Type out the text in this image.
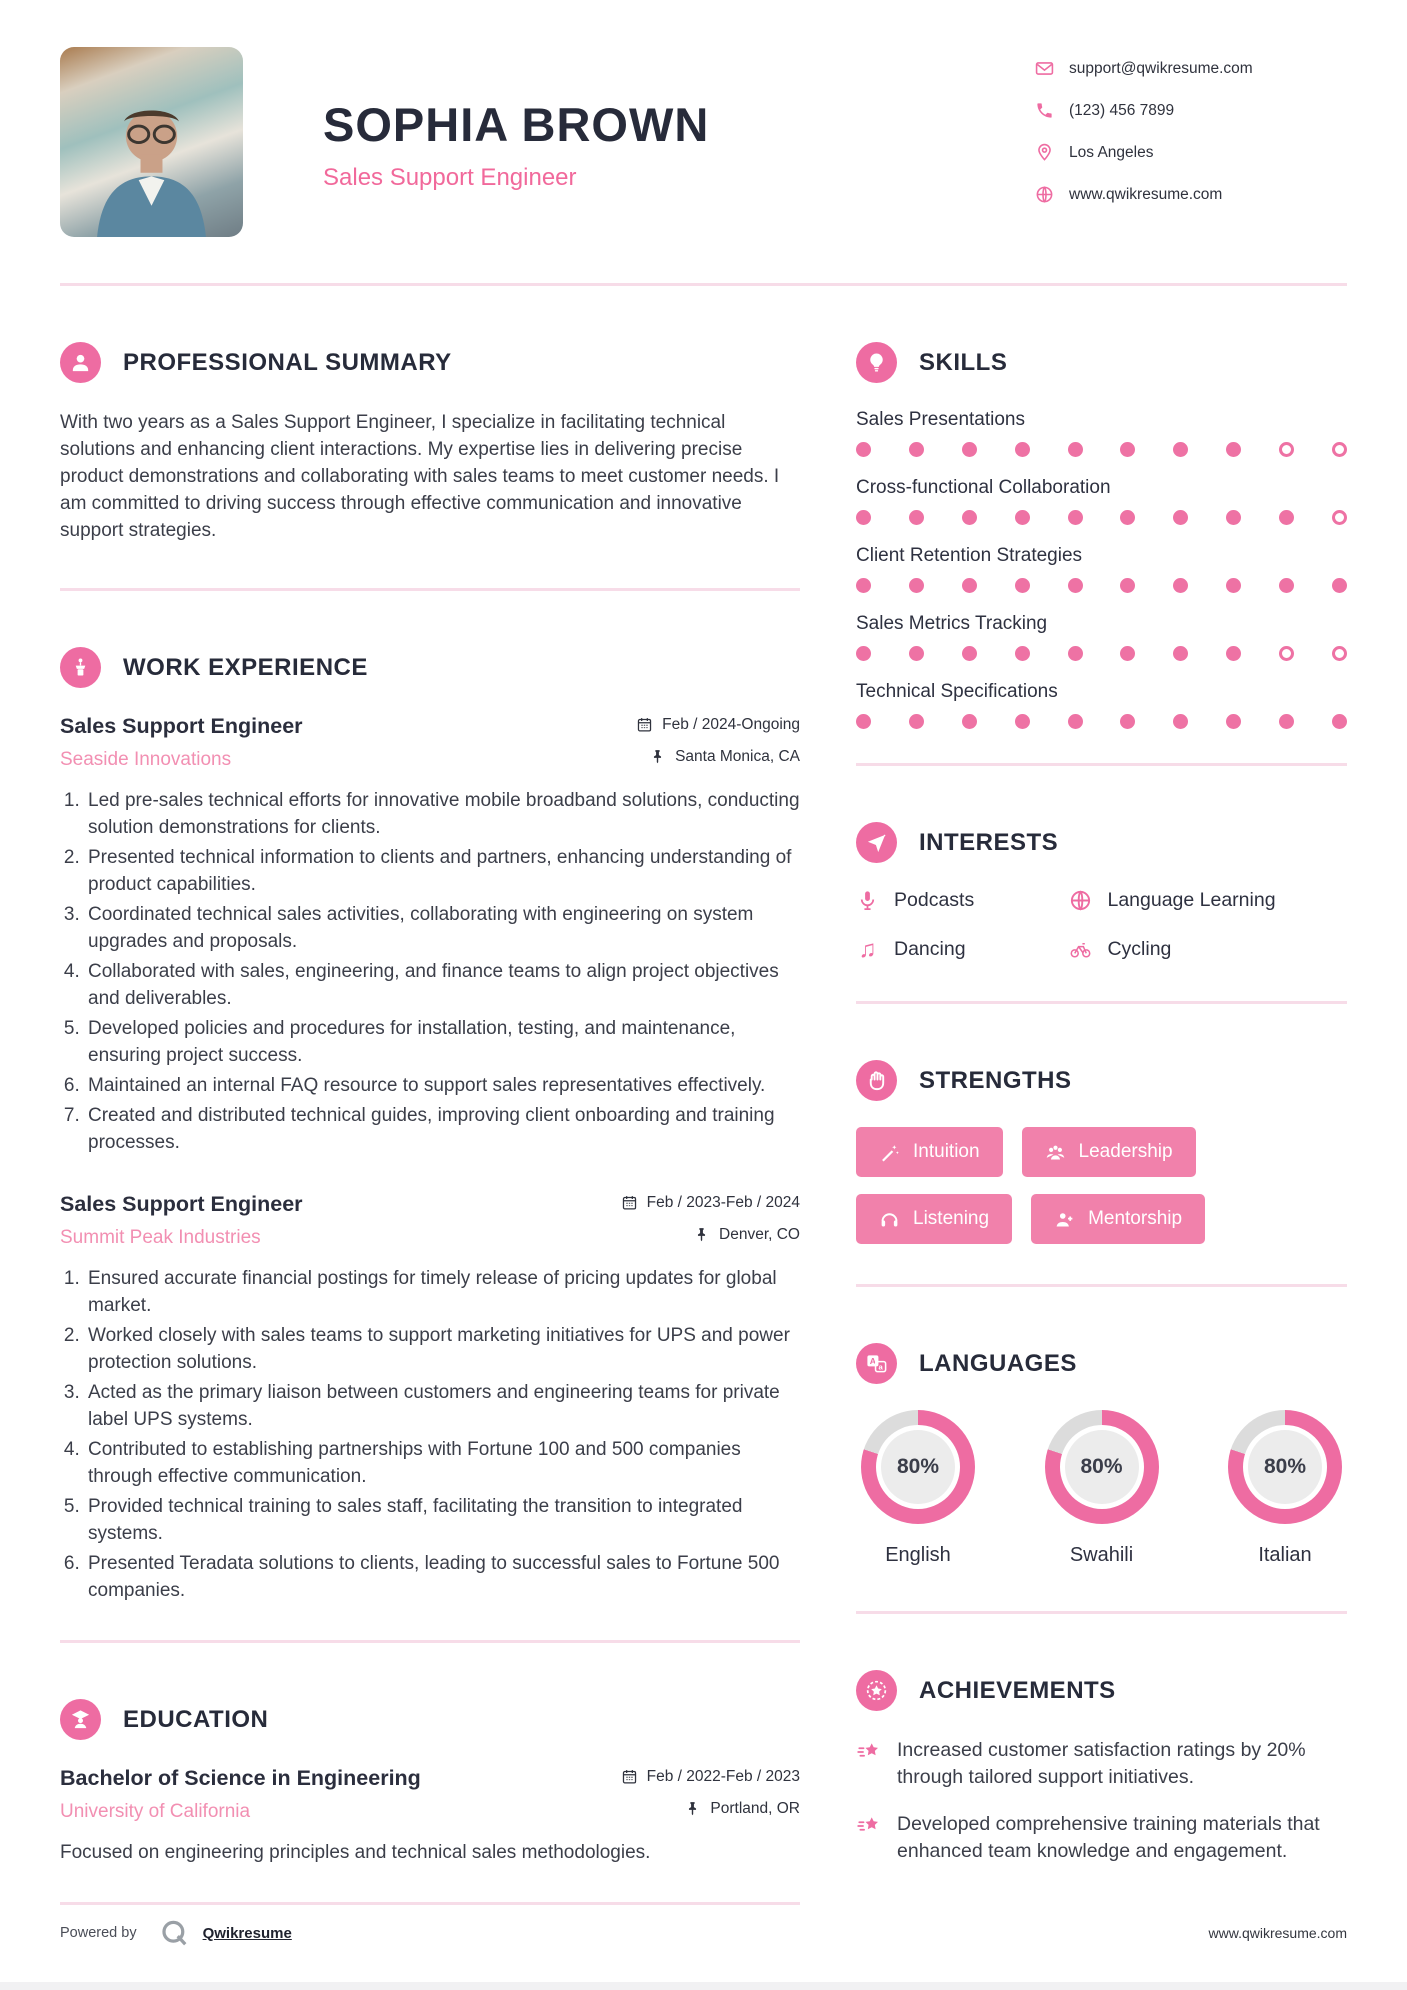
SOPHIA BROWN
Sales Support Engineer
support@qwikresume.com
(123) 456 7899
Los Angeles
www.qwikresume.com
PROFESSIONAL SUMMARY

With two years as a Sales Support Engineer, I specialize in facilitating technical solutions and enhancing client interactions. My expertise lies in delivering precise product demonstrations and collaborating with sales teams to meet customer needs. I am committed to driving success through effective communication and innovative support strategies.

WORK EXPERIENCE
Sales Support Engineer	Feb / 2024-Ongoing
Seaside Innovations	Santa Monica, CA
1. Led pre-sales technical efforts for innovative mobile broadband solutions, conducting solution demonstrations for clients.
2. Presented technical information to clients and partners, enhancing understanding of product capabilities.
3. Coordinated technical sales activities, collaborating with engineering on system upgrades and proposals.
4. Collaborated with sales, engineering, and finance teams to align project objectives and deliverables.
5. Developed policies and procedures for installation, testing, and maintenance, ensuring project success.
6. Maintained an internal FAQ resource to support sales representatives effectively.
7. Created and distributed technical guides, improving client onboarding and training processes.
Sales Support Engineer	Feb / 2023-Feb / 2024
Summit Peak Industries	Denver, CO
1. Ensured accurate financial postings for timely release of pricing updates for global market.
2. Worked closely with sales teams to support marketing initiatives for UPS and power protection solutions.
3. Acted as the primary liaison between customers and engineering teams for private label UPS systems.
4. Contributed to establishing partnerships with Fortune 100 and 500 companies through effective communication.
5. Provided technical training to sales staff, facilitating the transition to integrated systems.
6. Presented Teradata solutions to clients, leading to successful sales to Fortune 500 companies.
EDUCATION
Bachelor of Science in Engineering	Feb / 2022-Feb / 2023
University of California	Portland, OR

Focused on engineering principles and technical sales methodologies.

SKILLS
Sales Presentations
Cross-functional Collaboration
Client Retention Strategies
Sales Metrics Tracking
Technical Specifications
INTERESTS
Podcasts	Language Learning
♫ Dancing	Cycling
STRENGTHS
Intuition	Leadership
Listening	Mentorship
A
a LANGUAGES
80%
English
80%
Swahili
80%
Italian
ACHIEVEMENTS
Increased customer satisfaction ratings by 20% through tailored support initiatives.
Developed comprehensive training materials that enhanced team knowledge and engagement.
Powered by	Qwikresume	www.qwikresume.com
